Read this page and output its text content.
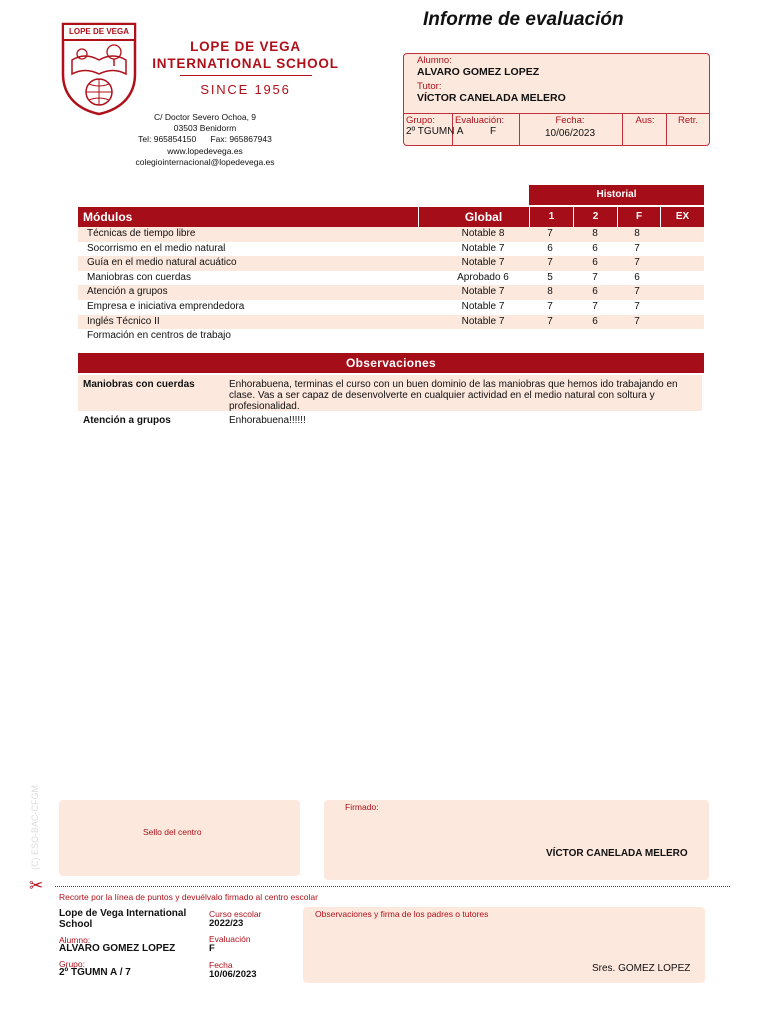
Informe de evaluación
LOPE DE VEGA
LOPE DE VEGA
INTERNATIONAL SCHOOL
SINCE 1956
C/ Doctor Severo Ochoa, 9
03503 Benidorm
Tel: 965854150      Fax: 965867943
www.lopedevega.es
colegiointernacional@lopedevega.es
Alumno:
ALVARO GOMEZ LOPEZ
Tutor:
VÍCTOR CANELADA MELERO
Grupo:
2º TGUMN A
Evaluación:
F
Fecha:
10/06/2023
Aus:	Retr.
Historial
Módulos	Global	1	2	F	EX
Técnicas de tiempo libre	Notable 8	7	8	8
Socorrismo en el medio natural	Notable 7	6	6	7
Guía en el medio natural acuático	Notable 7	7	6	7
Maniobras con cuerdas	Aprobado 6	5	7	6
Atención a grupos	Notable 7	8	6	7
Empresa e iniciativa emprendedora	Notable 7	7	7	7
Inglés Técnico II	Notable 7	7	6	7
Formación en centros de trabajo
Observaciones
Maniobras con cuerdas	Enhorabuena, terminas el curso con un buen dominio de las maniobras que hemos ido trabajando en clase. Vas a ser capaz de desenvolverte en cualquier actividad en el medio natural con soltura y profesionalidad.
Atención a grupos	Enhorabuena!!!!!!
(C) ESO-BAC-CFGM	Sello del centro
Firmado:
VÍCTOR CANELADA MELERO
✂
Recorte por la línea de puntos y devuélvalo firmado al centro escolar
Lope de Vega International School
Alumno:
ALVARO GOMEZ LOPEZ
Grupo:
2º TGUMN A / 7
Curso escolar
2022/23
Evaluación
F
Fecha
10/06/2023
Observaciones y firma de los padres o tutores
Sres. GOMEZ LOPEZ
